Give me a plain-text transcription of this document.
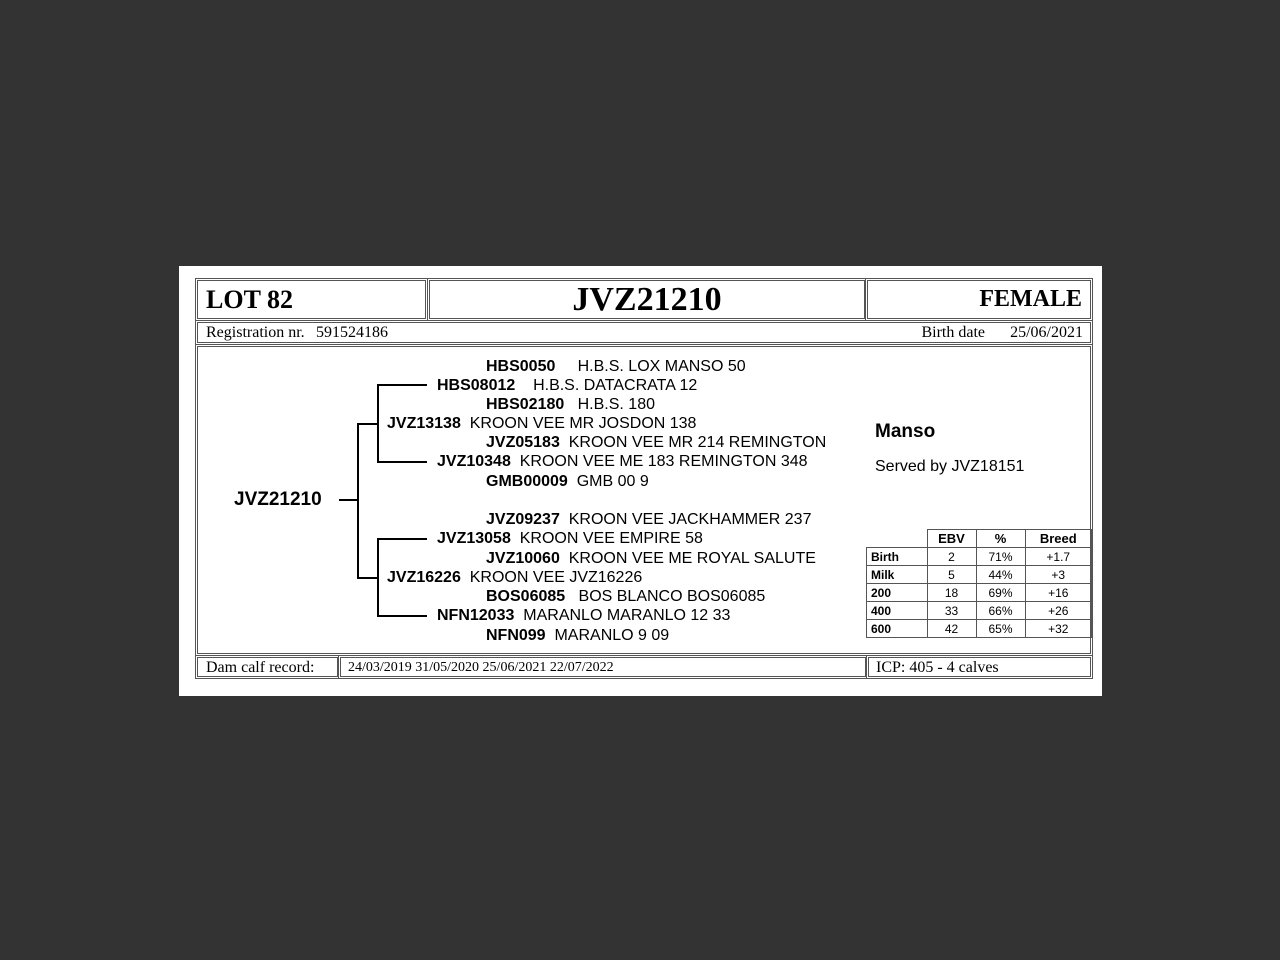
LOT 82	JVZ21210	FEMALE
Registration nr. 591524186	Birth date 25/06/2021
JVZ21210
HBS0050 H.B.S. LOX MANSO 50
HBS08012 H.B.S. DATACRATA 12
HBS02180 H.B.S. 180
JVZ13138 KROON VEE MR JOSDON 138
JVZ05183 KROON VEE MR 214 REMINGTON
JVZ10348 KROON VEE ME 183 REMINGTON 348
GMB00009 GMB 00 9
JVZ09237 KROON VEE JACKHAMMER 237
JVZ13058 KROON VEE EMPIRE 58
JVZ10060 KROON VEE ME ROYAL SALUTE
JVZ16226 KROON VEE JVZ16226
BOS06085 BOS BLANCO BOS06085
NFN12033 MARANLO MARANLO 12 33
NFN099 MARANLO 9 09
Manso
Served by JVZ18151
	EBV	%	Breed
Birth	2	71%	+1.7
Milk	5	44%	+3
200	18	69%	+16
400	33	66%	+26
600	42	65%	+32
Dam calf record: 24/03/2019 31/05/2020 25/06/2021 22/07/2022	ICP: 405 - 4 calves
